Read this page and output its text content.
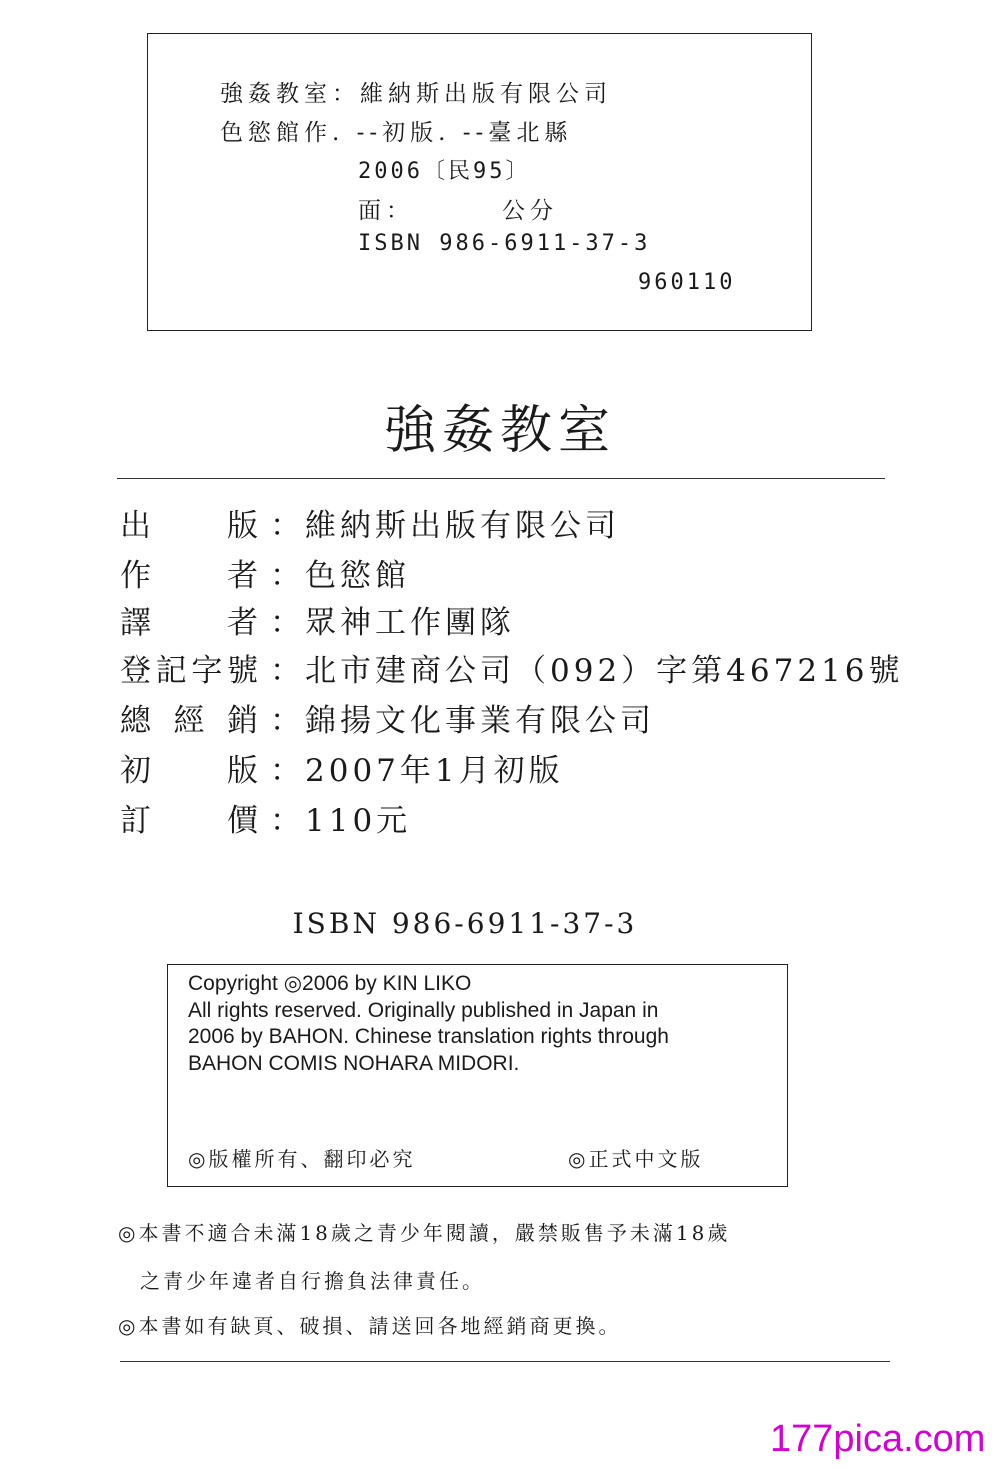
強姦教室：維納斯出版有限公司
色慾館作. --初版. --臺北縣
2006〔民95〕
面：	公分
ISBN 986-6911-37-3
960110
強姦教室
出 版 ： 維納斯出版有限公司
作 者 ： 色慾館
譯 者 ： 眾神工作團隊
登 記 字 號 ： 北市建商公司（092）字第467216號
總 經 銷 ： 錦揚文化事業有限公司
初 版 ： 2007年1月初版
訂 價 ： 110元
ISBN 986-6911-37-3
Copyright ◎2006 by KIN LIKO
All rights reserved. Originally published in Japan in
2006 by BAHON. Chinese translation rights through
BAHON COMIS NOHARA MIDORI.
◎版權所有、翻印必究	◎正式中文版
◎本書不適合未滿18歲之青少年閱讀，嚴禁販售予未滿18歲
之青少年違者自行擔負法律責任。
◎本書如有缺頁、破損、請送回各地經銷商更換。
177pica.com
